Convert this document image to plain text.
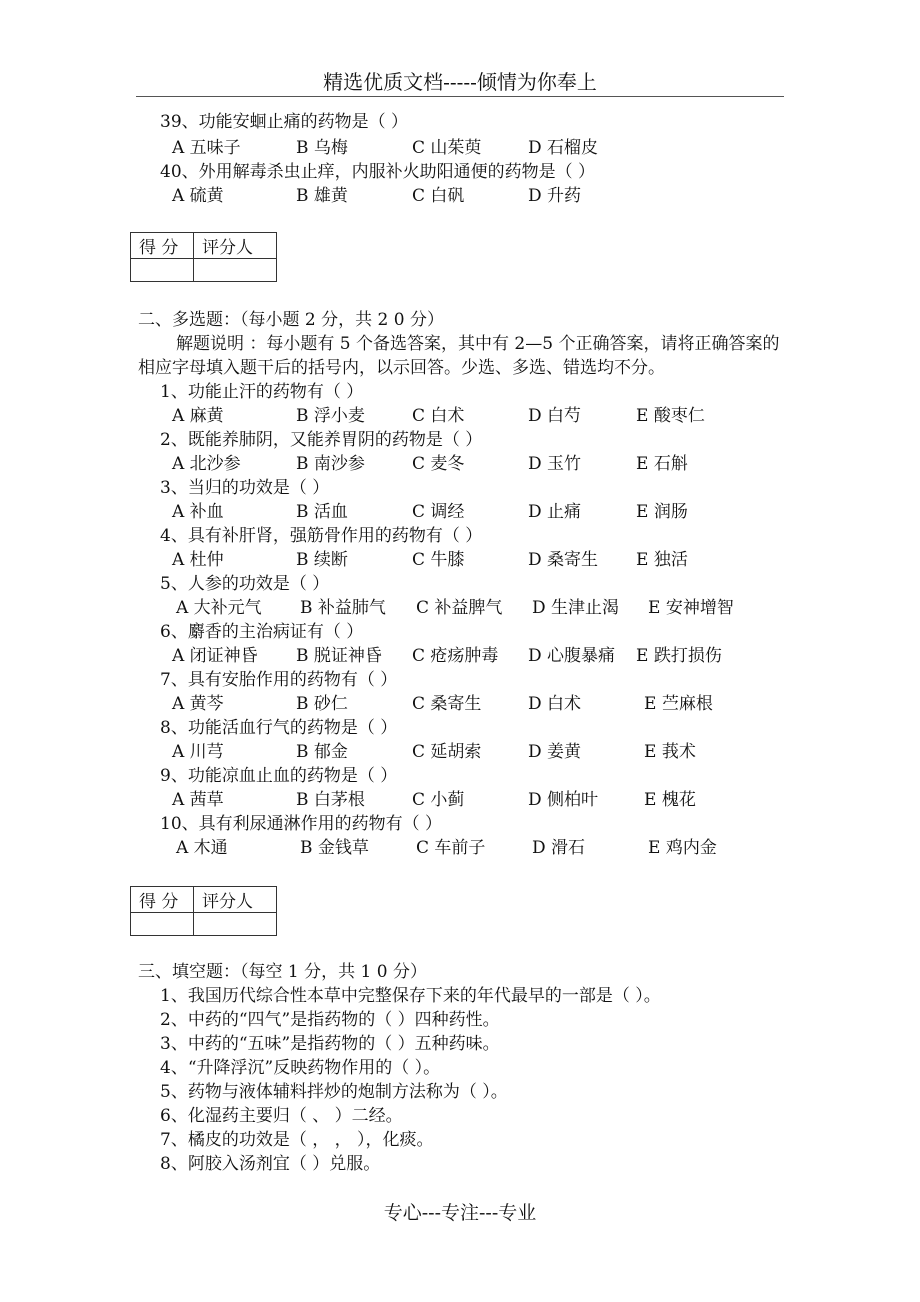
精选优质文档-----倾情为你奉上
39、功能安蛔止痛的药物是（ ）
A 五味子	B 乌梅	C 山茱萸	D 石榴皮
40、外用解毒杀虫止痒，内服补火助阳通便的药物是（ ）
A 硫黄	B 雄黄	C 白矾	D 升药
得 分	评分人

二、多选题：（每小题 2 分，共 2 0 分）
解题说明 ：每小题有 5 个备选答案，其中有 2—5 个正确答案，请将正确答案的
相应字母填入题干后的括号内，以示回答。少选、多选、错选均不分。
1、功能止汗的药物有（ ）
A 麻黄	B 浮小麦	C 白术	D 白芍	E 酸枣仁
2、既能养肺阴，又能养胃阴的药物是（ ）
A 北沙参	B 南沙参	C 麦冬	D 玉竹	E 石斛
3、当归的功效是（ ）
A 补血	B 活血	C 调经	D 止痛	E 润肠
4、具有补肝肾，强筋骨作用的药物有（ ）
A 杜仲	B 续断	C 牛膝	D 桑寄生 E 独活
5、人参的功效是（ ）
A 大补元气 B 补益肺气 C 补益脾气 D 生津止渴 E 安神增智
6、麝香的主治病证有（ ）
A 闭证神昏 B 脱证神昏 C 疮疡肿毒 D 心腹暴痛 E 跌打损伤
7、具有安胎作用的药物有（ ）
A 黄芩	B 砂仁	C 桑寄生	D 白术	E 苎麻根
8、功能活血行气的药物是（ ）
A 川芎	B 郁金	C 延胡索	D 姜黄	E 莪术
9、功能凉血止血的药物是（ ）
A 茜草	B 白茅根	C 小蓟	D 侧柏叶	E 槐花
10、具有利尿通淋作用的药物有（ ）
A 木通	B 金钱草	C 车前子	D 滑石	E 鸡内金
得 分	评分人

三、填空题：（每空 1 分，共 1 0 分）
1、我国历代综合性本草中完整保存下来的年代最早的一部是（ ）。
2、中药的“四气”是指药物的（ ）四种药性。
3、中药的“五味”是指药物的（ ）五种药味。
4、“升降浮沉”反映药物作用的（ ）。
5、药物与液体辅料拌炒的炮制方法称为（ ）。
6、化湿药主要归（ 、 ）二经。
7、橘皮的功效是（ ， ， ），化痰。
8、阿胶入汤剂宜（ ）兑服。
专心---专注---专业
